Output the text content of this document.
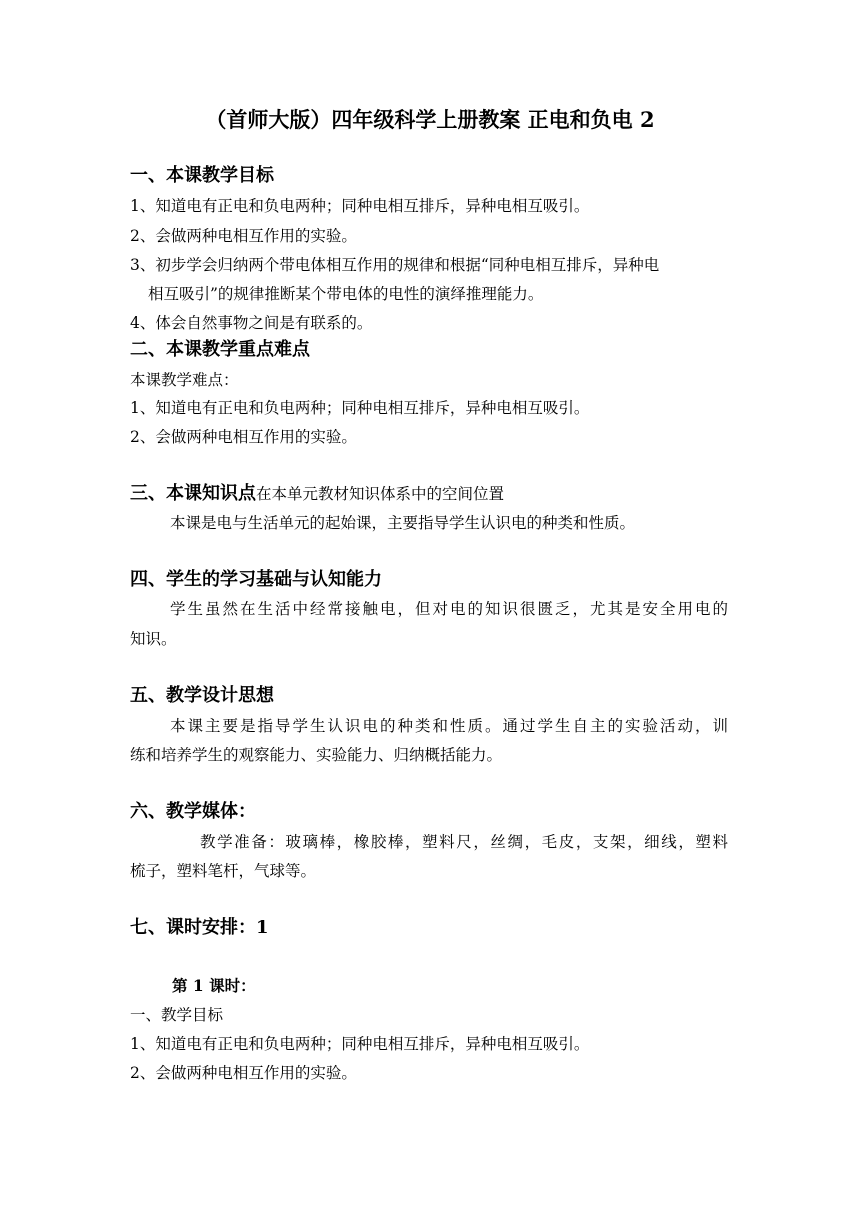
（首师大版）四年级科学上册教案 正电和负电 2
一、本课教学目标
1、知道电有正电和负电两种；同种电相互排斥，异种电相互吸引。
2、会做两种电相互作用的实验。
3、初步学会归纳两个带电体相互作用的规律和根据“同种电相互排斥，异种电
相互吸引”的规律推断某个带电体的电性的演绎推理能力。
4、体会自然事物之间是有联系的。
二、本课教学重点难点
本课教学难点：
1、知道电有正电和负电两种；同种电相互排斥，异种电相互吸引。
2、会做两种电相互作用的实验。
三、本课知识点在本单元教材知识体系中的空间位置
本课是电与生活单元的起始课，主要指导学生认识电的种类和性质。
四、学生的学习基础与认知能力
学生虽然在生活中经常接触电，但对电的知识很匮乏，尤其是安全用电的
知识。
五、教学设计思想
本课主要是指导学生认识电的种类和性质。通过学生自主的实验活动，训
练和培养学生的观察能力、实验能力、归纳概括能力。
六、教学媒体：
教学准备：玻璃棒，橡胶棒，塑料尺，丝绸，毛皮，支架，细线，塑料
梳子，塑料笔杆，气球等。
七、课时安排：1
第 1 课时：
一、教学目标
1、知道电有正电和负电两种；同种电相互排斥，异种电相互吸引。
2、会做两种电相互作用的实验。
